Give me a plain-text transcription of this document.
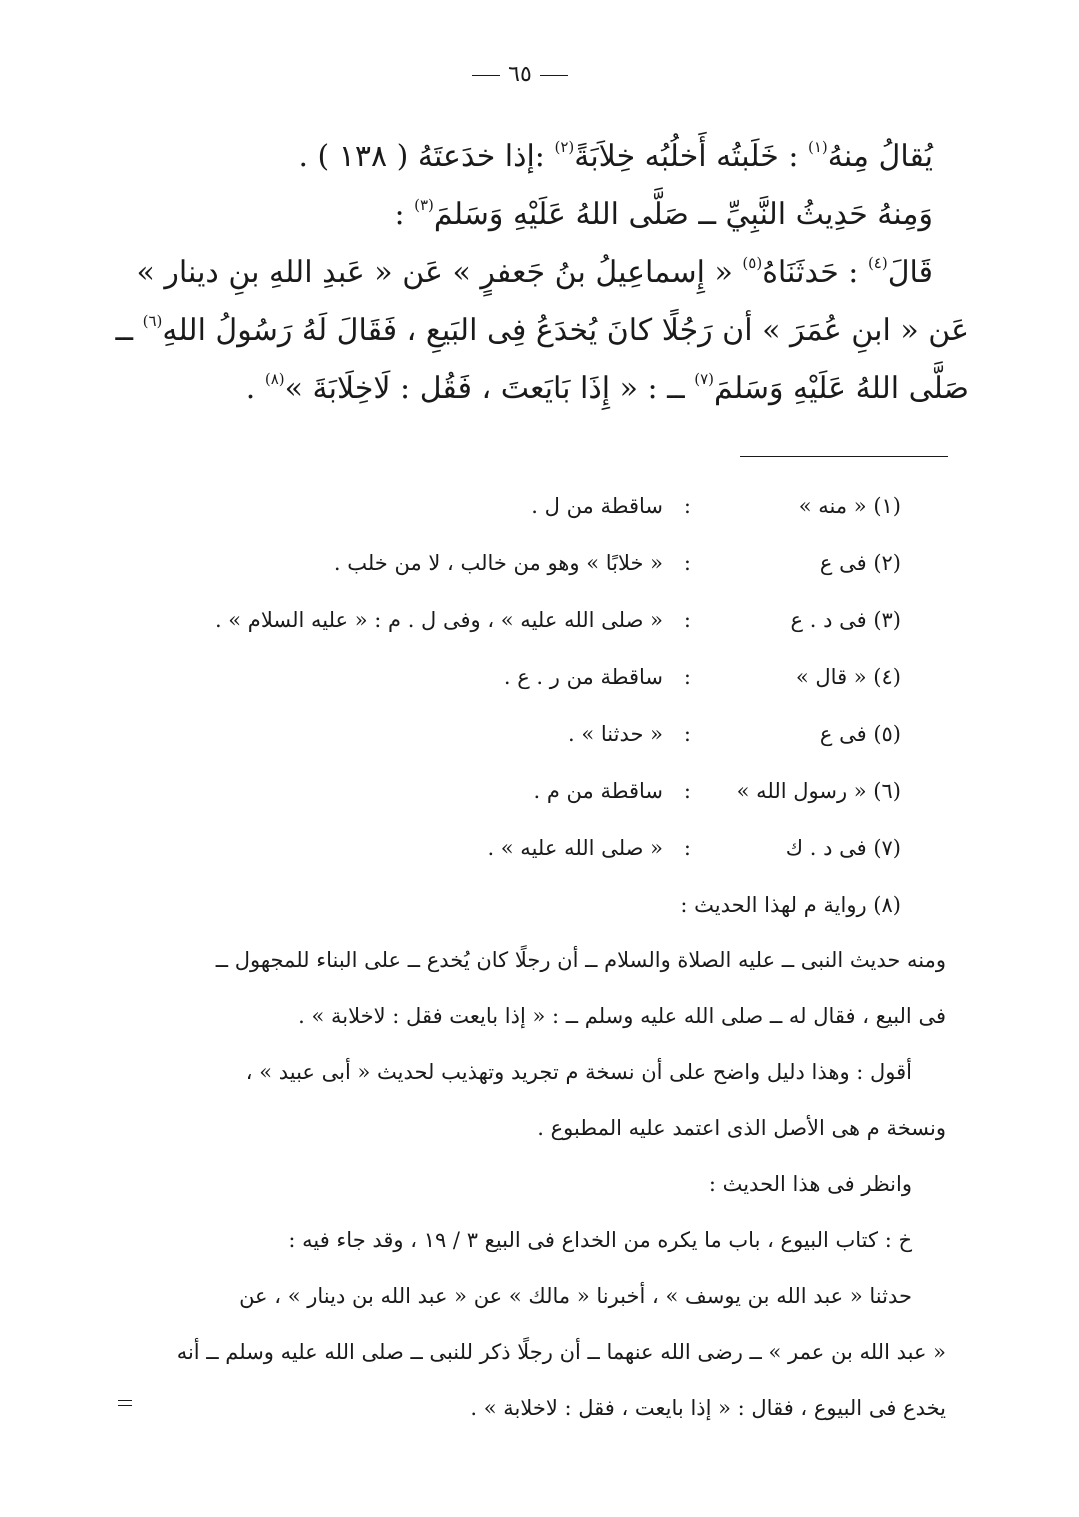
٦٥
يُقالُ مِنهُ$^{(١)}$ : خَلَبتُه أَخلُبُه خِلاَبَةً$^{(٢)}$ :إذا خدَعتَهُ ( ١٣٨ ) .
وَمِنهُ حَدِيثُ النَّبِيِّ ــ صَلَّى اللهُ عَلَيْهِ وَسَلمَ$^{(٣)}$ :
قَالَ$^{(٤)}$ : حَدثَنَاهُ$^{(٥)}$ « إِسماعِيلُ بنُ جَعفرٍ » عَن « عَبدِ اللهِ بنِ دينار »
عَن « ابنِ عُمَرَ » أن رَجُلًا كانَ يُخدَعُ فِى البَيعِ ، فَقَالَ لَهُ رَسُولُ اللهِ$^{(٦)}$ ــ
صَلَّى اللهُ عَلَيْهِ وَسَلمَ$^{(٧)}$ ــ : « إِذَا بَايَعتَ ، فَقُل : لَاخِلَابَةَ »$^{(٨)}$ .
(١) « منه »
:
ساقطة من ل .
(٢) فى ع
:
« خلابًا » وهو من خالب ، لا من خلب .
(٣) فى د . ع
:
« صلى الله عليه » ، وفى ل . م : « عليه السلام » .
(٤) « قال »
:
ساقطة من ر . ع .
(٥) فى ع
:
« حدثنا » .
(٦) « رسول الله »
:
ساقطة من م .
(٧) فى د . ك
:
« صلى الله عليه » .
(٨) رواية م لهذا الحديث :
ومنه حديث النبى ــ عليه الصلاة والسلام ــ أن رجلًا كان يُخدع ــ على البناء للمجهول ــ
فى البيع ، فقال له ــ صلى الله عليه وسلم ــ : « إذا بايعت فقل : لاخلابة » .
أقول : وهذا دليل واضح على أن نسخة م تجريد وتهذيب لحديث « أبى عبيد » ،
ونسخة م هى الأصل الذى اعتمد عليه المطبوع .
وانظر فى هذا الحديث :
خ : كتاب البيوع ، باب ما يكره من الخداع فى البيع ٣ / ١٩ ، وقد جاء فيه :
حدثنا « عبد الله بن يوسف » ، أخبرنا « مالك » عن « عبد الله بن دينار » ، عن
« عبد الله بن عمر » ــ رضى الله عنهما ــ أن رجلًا ذكر للنبى ــ صلى الله عليه وسلم ــ أنه
يخدع فى البيوع ، فقال : « إذا بايعت ، فقل : لاخلابة » .
